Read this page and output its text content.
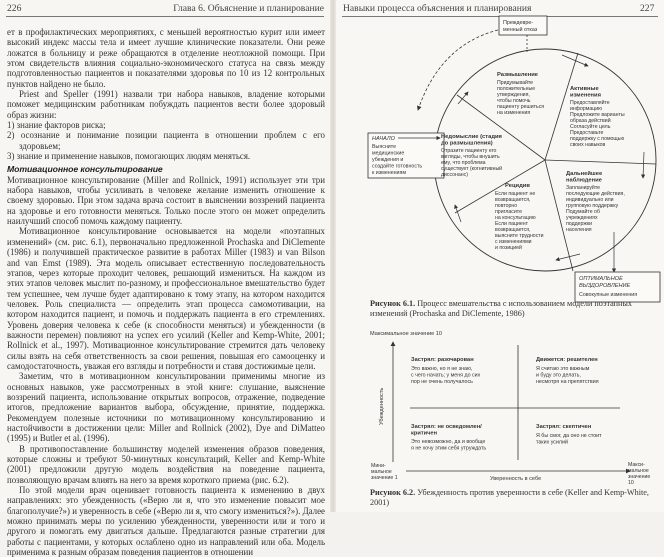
226	Глава 6. Объяснение и планирование

ет в профилактических мероприятиях, с меньшей вероятностью курит или имеет высокий индекс массы тела и имеет лучшие клинические показатели. Они реже ложатся в больницу и реже обращаются в отделение неотложной помощи. При этом свидетельств влияния социально-экономического статуса на связь между подготовленностью пациентов и показателями здоровья по 10 из 12 контрольных пунктов найдено не было.

Priest and Speller (1991) назвали три набора навыков, владение которыми поможет медицинским работникам побуждать пациентов вести более здоровый образ жизни:

1) знание факторов риска;

2) осознание и понимание позиции пациента в отношении проблем с его здоровьем;

3) знание и применение навыков, помогающих людям меняться.

Мотивационное консультирование

Мотивационное консультирование (Miller and Rollnick, 1991) использует эти три набора навыков, чтобы усиливать в человеке желание изменить отношение к своему здоровью. При этом задача врача состоит в выяснении воззрений пациента на здоровье и его готовности меняться. Только после этого он может определить наилучший способ помочь каждому пациенту.

Мотивационное консультирование основывается на модели «поэтапных изменений» (см. рис. 6.1), первоначально предложенной Prochaska and DiClemente (1986) и получившей практическое развитие в работах Miller (1983) и van Bilson and van Emst (1989). Эта модель описывает естественную последовательность этапов, через которые проходит человек, решающий измениться. На каждом из этих этапов человек мыслит по-разному, и профессиональное вмешательство будет тем успешнее, чем лучше будет адаптировано к тому этапу, на котором находится человек. Роль специалиста — определить этап процесса самомотивации, на котором находится пациент, и помочь и поддержать пациента в его стремлениях. Уровень доверия человека к себе (к способности меняться) и убежденности (в важности перемен) повлияют на успех его усилий (Keller and Kemp-White, 2001; Rollnick et al., 1997). Мотивационное консультирование стремится дать человеку силы взять на себя ответственность за свои решения, повышая его самооценку и самодостаточность, уважая его взгляды и потребности и ставя достижимые цели.

Заметим, что в мотивационном консультировании применимы многие из основных навыков, уже рассмотренных в этой книге: слушание, выяснение воззрений пациента, использование открытых вопросов, отражение, подведение итогов, предложение вариантов выбора, обсуждение, принятие, поддержка. Рекомендуем полезные источники по мотивационному консультированию и настойчивости в достижении цели: Miller and Rollnick (2002), Dye and DiMatteo (1995) и Butler et al. (1996).

В противопоставление большинству моделей изменения образов поведения, которые сложны и требуют 50-минутных консультаций, Keller and Kemp-White (2001) предложили другую модель воздействия на поведение пациента, позволяющую врачам влиять на него за время короткого приема (рис. 6.2).

По этой модели врач оценивает готовность пациента к изменению в двух направлениях: это убежденность («Верю ли я, что это изменение повысит мое благополучие?») и уверенность в себе («Верю ли я, что смогу измениться?»). Далее можно принимать меры по усилению убежденности, уверенности или и того и другого и помогать ему двигаться дальше. Предлагаются разные стратегии для работы с пациентами, у которых ослаблено одно из направлений или оба. Модель применима к разным образам поведения пациентов в отношении

Навыки процесса объяснения и планирования	227
Преждевре-
менный отказ
НАЧАЛО
Выясните
медицинские
убеждения и
создайте готовность
к изменениям
Размышление
Придумывайте
положительные
утверждения,
чтобы помочь
пациенту решиться
на изменения
Активные
изменения
Предоставляйте
информацию
Предложите варианты
образа действий
Согласуйте цель
Предоставьте
поддержку с помощью
своих навыков
Недомыслие (стадия
до размышления)
Отразите пациенту его
взгляды, чтобы внушить
ему, что проблема
существует (когнитивный
диссонанс)
Рецидив
Если пациент не
возвращается,
повторно
пригласите
на консультацию
Если пациент
возвращается,
выясните трудности
с изменениями
и позицией
Дальнейшее
наблюдение
Запланируйте
последующие действия,
индивидуально или
групповую поддержку
Подумайте об
учреждениях
поддержки
населения
ОПТИМАЛЬНОЕ
ВЫЗДОРОВЛЕНИЕ
Совокупные изменения
Максимальное значение 10
Убежденность
Застрял: разочарован
Это важно, но я не знаю,
с чего начать; у меня до сих
пор не очень получалось
Движется: решителен
Я считаю это важным
и буду это делать,
несмотря на препятствия
Застрял: не осведомлен/
критичен
Это невозможно, да и вообще
я не хочу этим себя утруждать
Застрял: скептичен
Я бы смог, да оно не стоит
таких усилий
Мини-
мальное
значение 1
Макси-
мальное
значение
10
Уверенность в себе
Рисунок 6.1. Процесс вмешательства с использованием модели поэтапных изменений (Prochaska and DiClemente, 1986)
Рисунок 6.2. Убежденность против уверенности в себе (Keller and Kemp-White, 2001)
